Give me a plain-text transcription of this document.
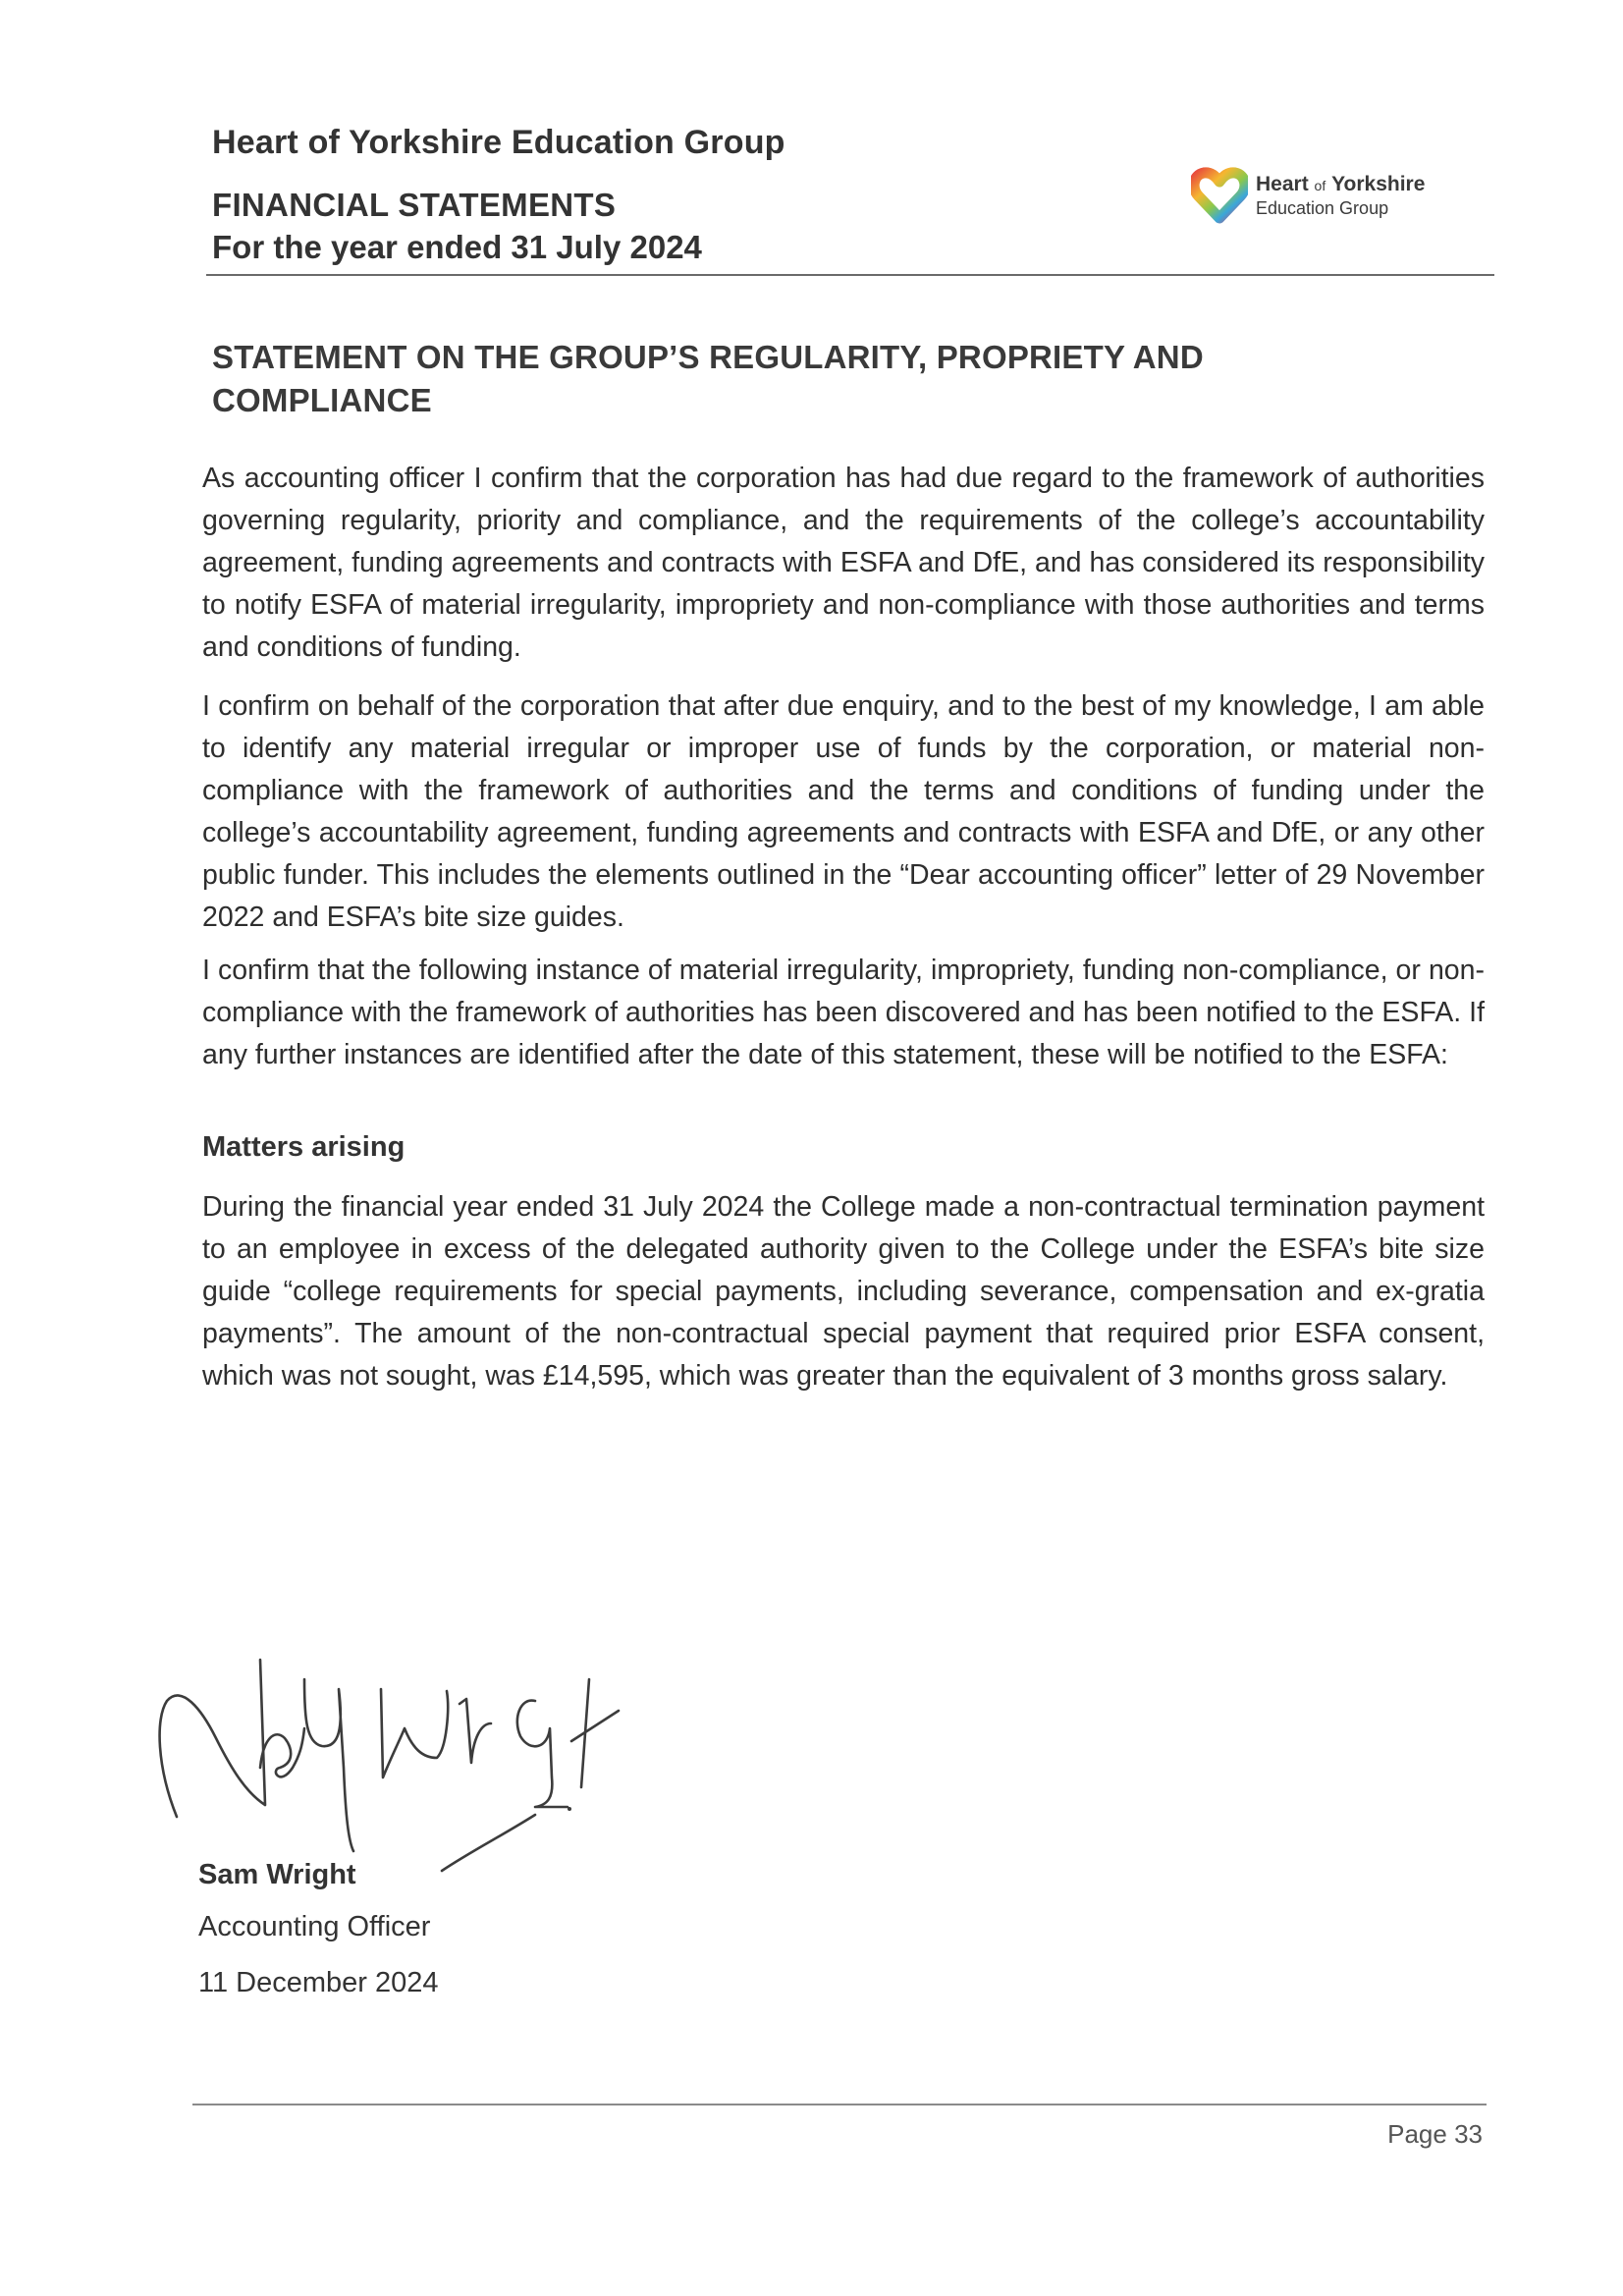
Heart of Yorkshire Education Group
FINANCIAL STATEMENTS
For the year ended 31 July 2024
Heart of Yorkshire
Education Group
STATEMENT ON THE GROUP’S REGULARITY, PROPRIETY AND COMPLIANCE
As accounting officer I confirm that the corporation has had due regard to the framework of authorities governing regularity, priority and compliance, and the requirements of the college’s accountability agreement, funding agreements and contracts with ESFA and DfE, and has considered its responsibility to notify ESFA of material irregularity, impropriety and non-compliance with those authorities and terms and conditions of funding.
I confirm on behalf of the corporation that after due enquiry, and to the best of my knowledge, I am able to identify any material irregular or improper use of funds by the corporation, or material non-compliance with the framework of authorities and the terms and conditions of funding under the college’s accountability agreement, funding agreements and contracts with ESFA and DfE, or any other public funder. This includes the elements outlined in the “Dear accounting officer” letter of 29 November 2022 and ESFA’s bite size guides.
I confirm that the following instance of material irregularity, impropriety, funding non-compliance, or non-compliance with the framework of authorities has been discovered and has been notified to the ESFA. If any further instances are identified after the date of this statement, these will be notified to the ESFA:
Matters arising
During the financial year ended 31 July 2024 the College made a non-contractual termination payment to an employee in excess of the delegated authority given to the College under the ESFA’s bite size guide “college requirements for special payments, including severance, compensation and ex-gratia payments”. The amount of the non-contractual special payment that required prior ESFA consent, which was not sought, was £14,595, which was greater than the equivalent of 3 months gross salary.
Sam Wright
Accounting Officer
11 December 2024
Page 33
